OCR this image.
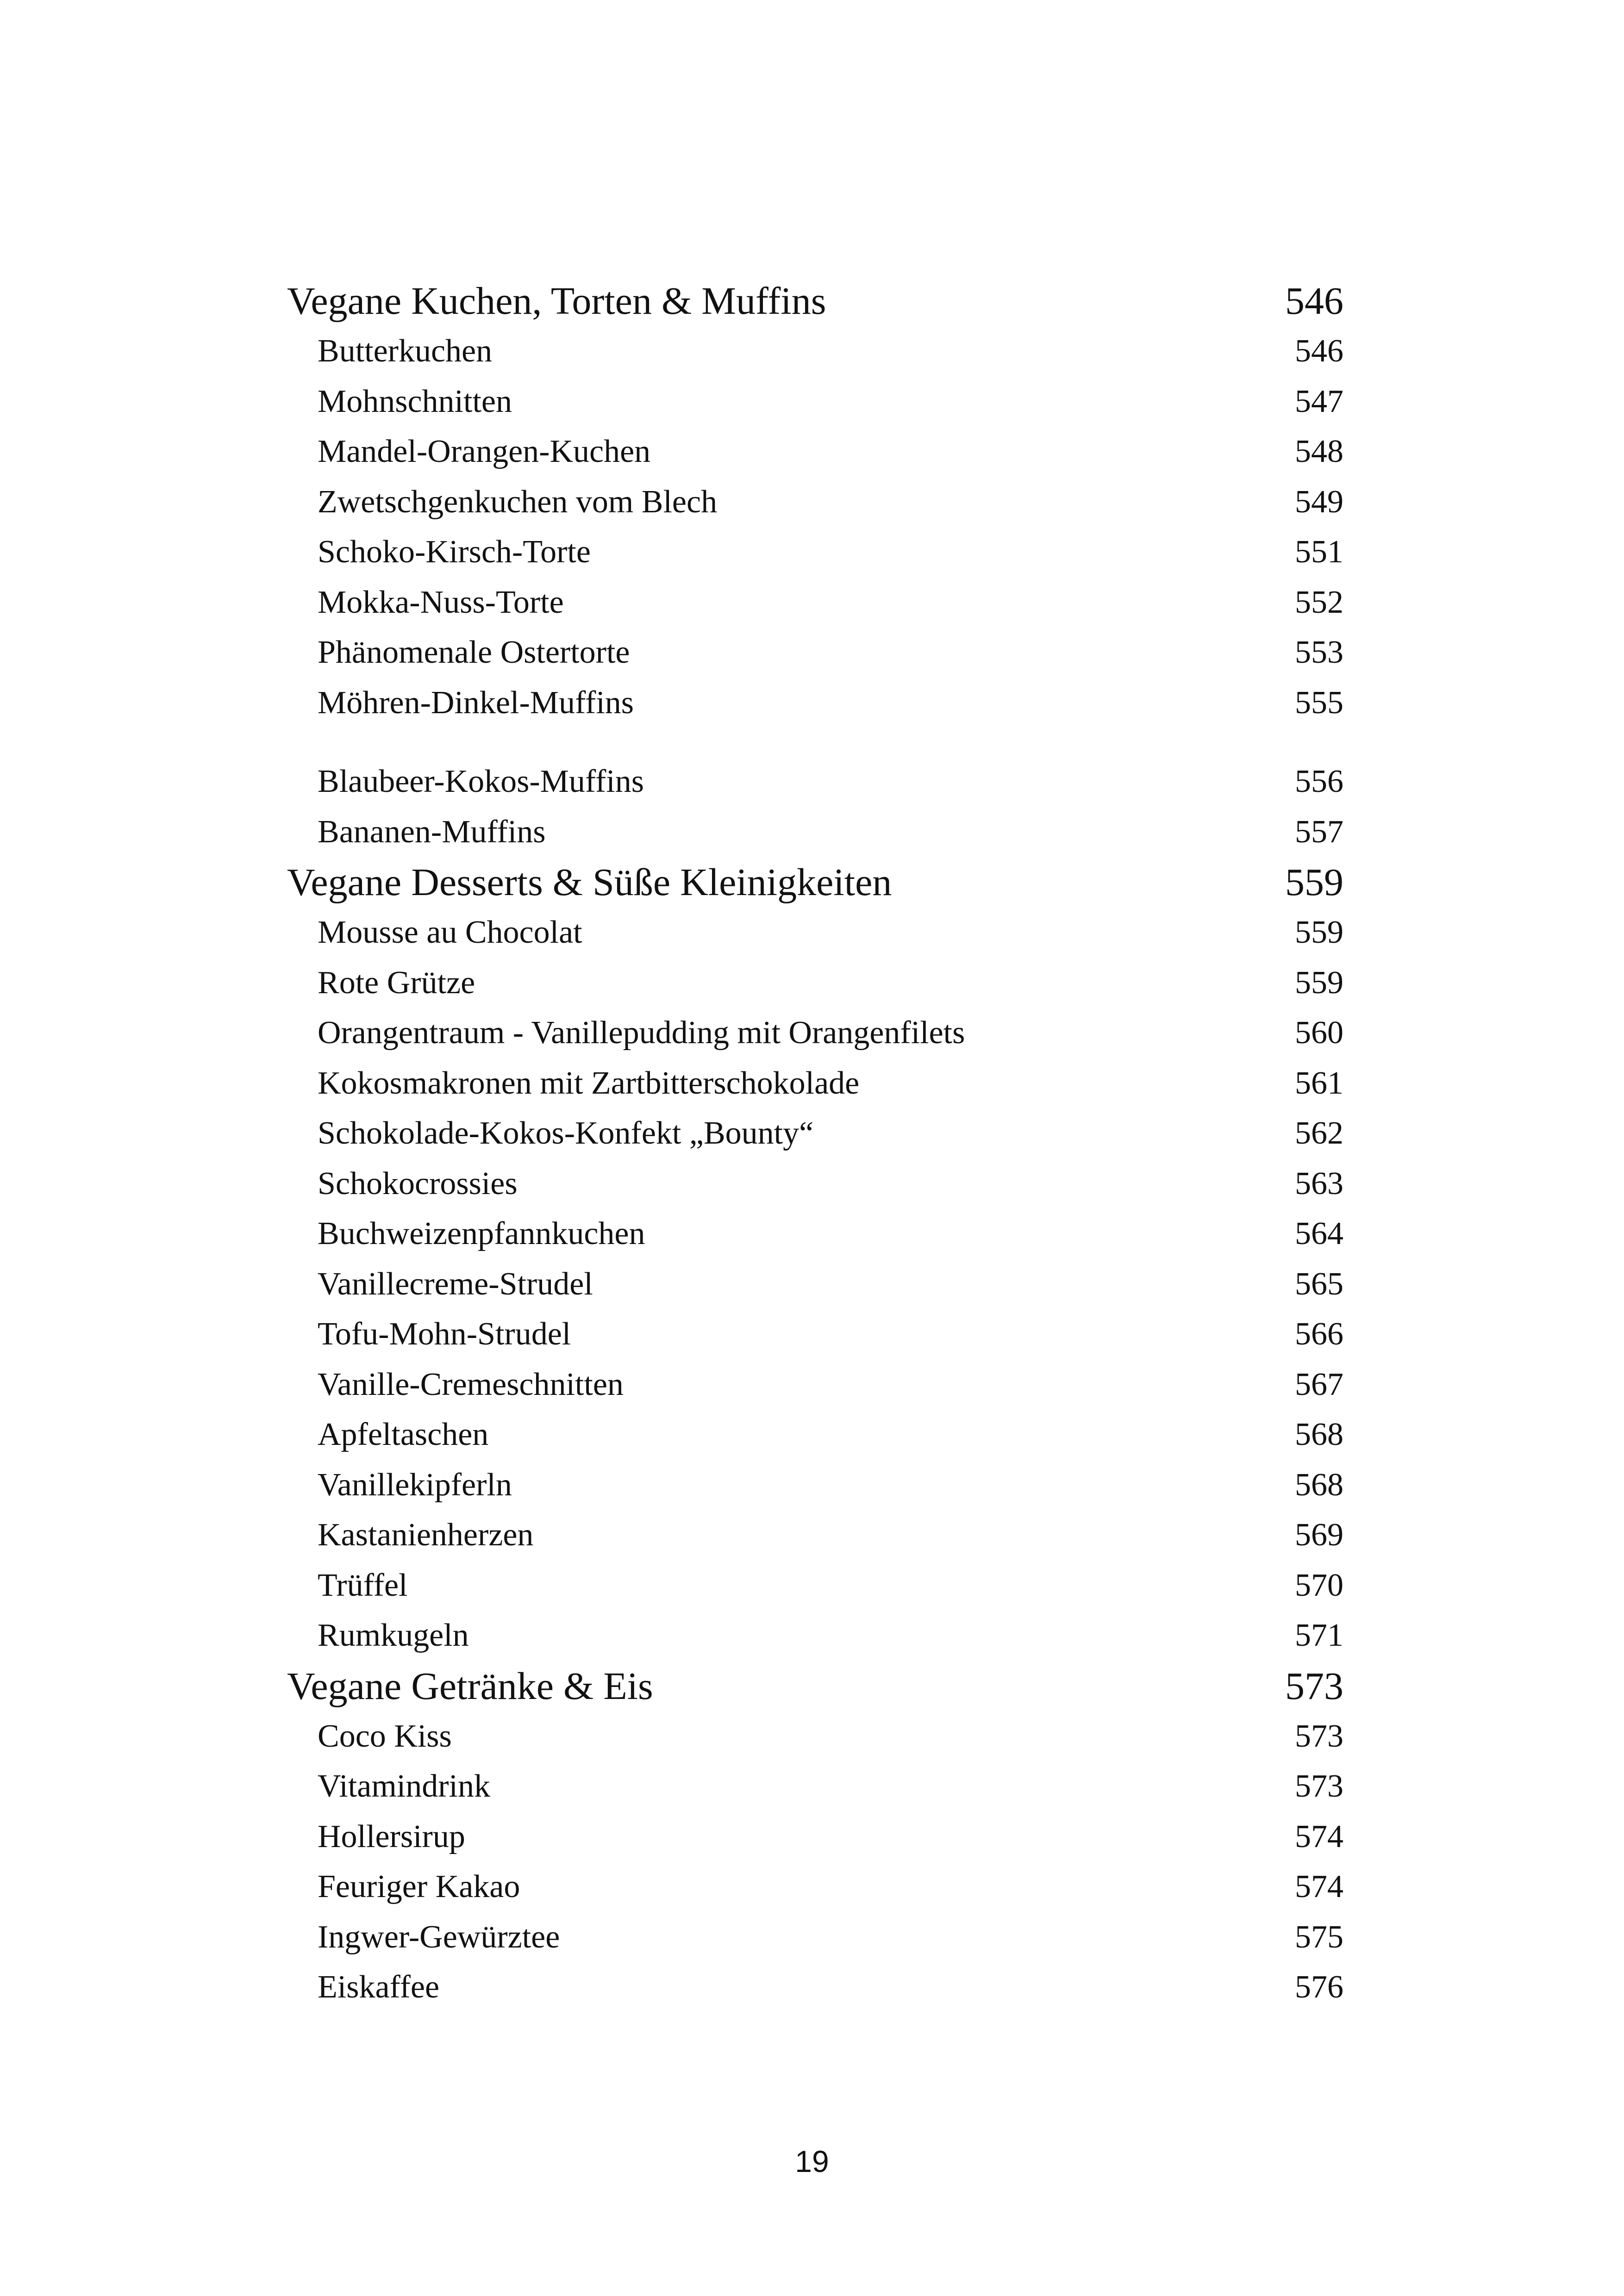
Vegane Kuchen, Torten & Muffins	546
Butterkuchen	546
Mohnschnitten	547
Mandel-Orangen-Kuchen	548
Zwetschgenkuchen vom Blech	549
Schoko-Kirsch-Torte	551
Mokka-Nuss-Torte	552
Phänomenale Ostertorte	553
Möhren-Dinkel-Muffins	555
Blaubeer-Kokos-Muffins	556
Bananen-Muffins	557
Vegane Desserts & Süße Kleinigkeiten	559
Mousse au Chocolat	559
Rote Grütze	559
Orangentraum - Vanillepudding mit Orangenfilets	560
Kokosmakronen mit Zartbitterschokolade	561
Schokolade-Kokos-Konfekt „Bounty“	562
Schokocrossies	563
Buchweizenpfannkuchen	564
Vanillecreme-Strudel	565
Tofu-Mohn-Strudel	566
Vanille-Cremeschnitten	567
Apfeltaschen	568
Vanillekipferln	568
Kastanienherzen	569
Trüffel	570
Rumkugeln	571
Vegane Getränke & Eis	573
Coco Kiss	573
Vitamindrink	573
Hollersirup	574
Feuriger Kakao	574
Ingwer-Gewürztee	575
Eiskaffee	576
19
